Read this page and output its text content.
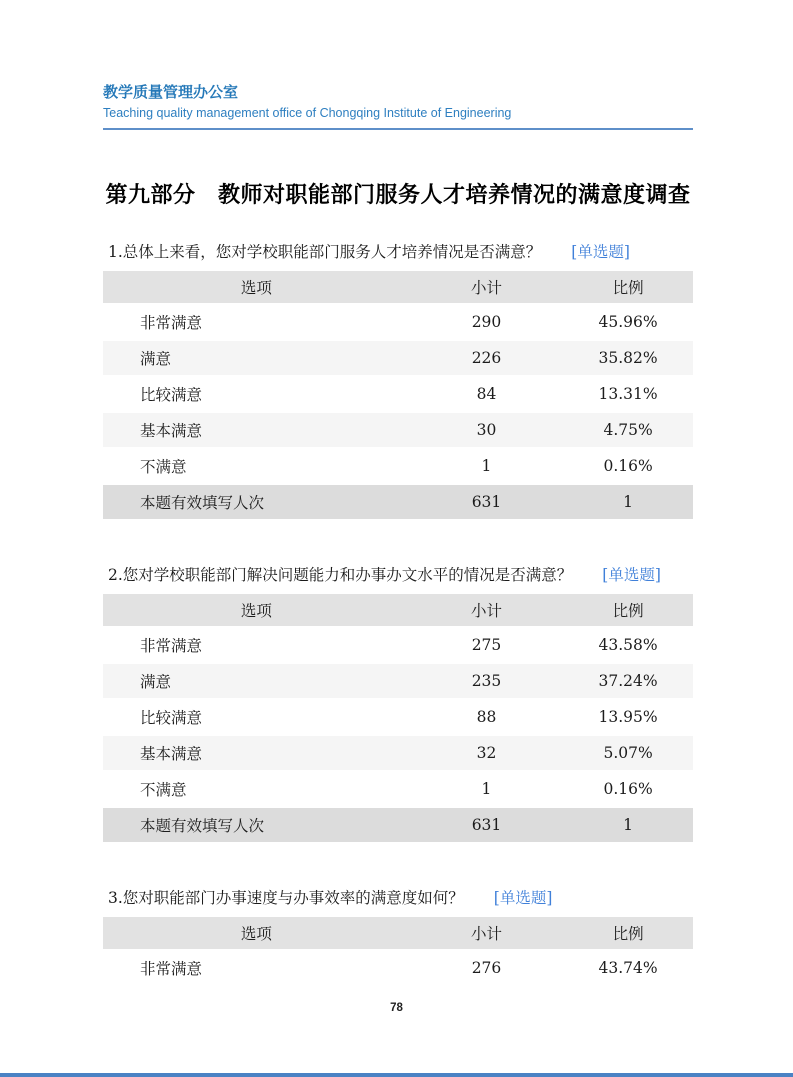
教学质量管理办公室
Teaching quality management office of Chongqing Institute of Engineering
第九部分　教师对职能部门服务人才培养情况的满意度调查

1.总体上来看，您对学校职能部门服务人才培养情况是否满意？ [单选题]

选项	小计	比例
非常满意	290	45.96%
满意	226	35.82%
比较满意	84	13.31%
基本满意	30	4.75%
不满意	1	0.16%
本题有效填写人次	631	1

2.您对学校职能部门解决问题能力和办事办文水平的情况是否满意？ [单选题]

选项	小计	比例
非常满意	275	43.58%
满意	235	37.24%
比较满意	88	13.95%
基本满意	32	5.07%
不满意	1	0.16%
本题有效填写人次	631	1

3.您对职能部门办事速度与办事效率的满意度如何？ [单选题]

选项	小计	比例
非常满意	276	43.74%
78
